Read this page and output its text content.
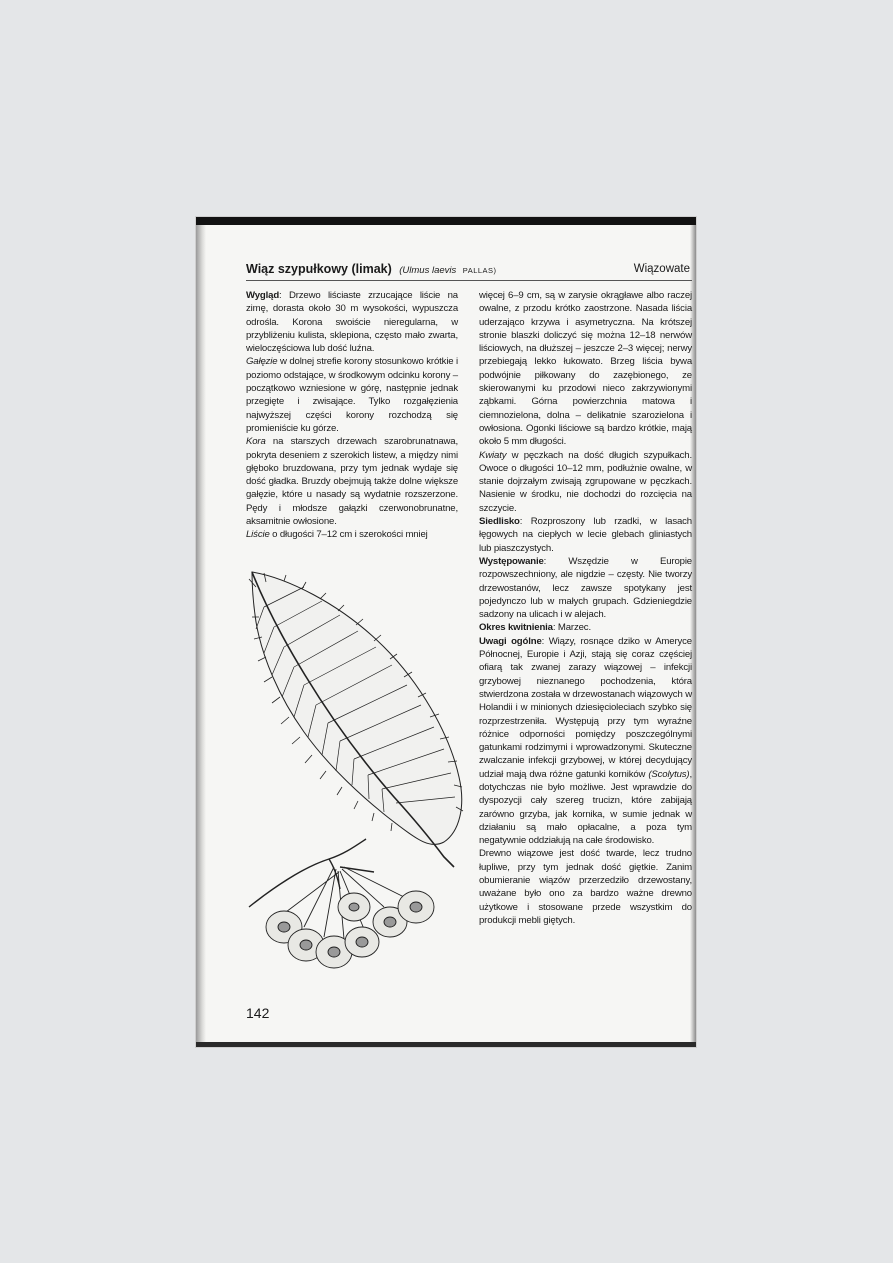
Wiąz szypułkowy (limak) (Ulmus laevis PALLAS)	Wiązowate

Wygląd: Drzewo liściaste zrzucające liście na zimę, dorasta około 30 m wysokości, wypuszcza odrośla. Korona swoiście nieregularna, w przybliżeniu kulista, sklepiona, często mało zwarta, wieloczęściowa lub dość luźna.

Gałęzie w dolnej strefie korony stosunkowo krótkie i poziomo odstające, w środkowym odcinku korony – początkowo wzniesione w górę, następnie jednak przegięte i zwisające. Tylko rozgałęzienia najwyższej części korony rozchodzą się promieniście ku górze.

Kora na starszych drzewach szarobrunatnawa, pokryta deseniem z szerokich listew, a między nimi głęboko bruzdowana, przy tym jednak wydaje się dość gładka. Bruzdy obejmują także dolne większe gałęzie, które u nasady są wydatnie rozszerzone. Pędy i młodsze gałązki czerwonobrunatne, aksamitnie owłosione.

Liście o długości 7–12 cm i szerokości mniej

więcej 6–9 cm, są w zarysie okrągławe albo raczej owalne, z przodu krótko zaostrzone. Nasada liścia uderzająco krzywa i asymetryczna. Na krótszej stronie blaszki doliczyć się można 12–18 nerwów liściowych, na dłuższej – jeszcze 2–3 więcej; nerwy przebiegają lekko łukowato. Brzeg liścia bywa podwójnie piłkowany do zazębionego, ze skierowanymi ku przodowi nieco zakrzywionymi ząbkami. Górna powierzchnia matowa i ciemnozielona, dolna – delikatnie szarozielona i owłosiona. Ogonki liściowe są bardzo krótkie, mają około 5 mm długości.

Kwiaty w pęczkach na dość długich szypułkach. Owoce o długości 10–12 mm, podłużnie owalne, w stanie dojrzałym zwisają zgrupowane w pęczkach. Nasienie w środku, nie dochodzi do rozcięcia na szczycie.

Siedlisko: Rozproszony lub rzadki, w lasach łęgowych na ciepłych w lecie glebach gliniastych lub piaszczystych.

Występowanie: Wszędzie w Europie rozpowszechniony, ale nigdzie – częsty. Nie tworzy drzewostanów, lecz zawsze spotykany jest pojedynczo lub w małych grupach. Gdzieniegdzie sadzony na ulicach i w alejach.

Okres kwitnienia: Marzec.

Uwagi ogólne: Wiązy, rosnące dziko w Ameryce Północnej, Europie i Azji, stają się coraz częściej ofiarą tak zwanej zarazy wiązowej – infekcji grzybowej nieznanego pochodzenia, która stwierdzona została w drzewostanach wiązowych w Holandii i w minionych dziesięcioleciach szybko się rozprzestrzeniła. Występują przy tym wyraźne różnice odporności pomiędzy poszczególnymi gatunkami rodzimymi i wprowadzonymi. Skuteczne zwalczanie infekcji grzybowej, w której decydujący udział mają dwa różne gatunki korników (Scolytus), dotychczas nie było możliwe. Jest wprawdzie do dyspozycji cały szereg trucizn, które zabijają zarówno grzyba, jak kornika, w sumie jednak w działaniu są mało opłacalne, a poza tym negatywnie oddziałują na całe środowisko.

Drewno wiązowe jest dość twarde, lecz trudno łupliwe, przy tym jednak dość giętkie. Zanim obumieranie wiązów przerzedziło drzewostany, uważane było ono za bardzo ważne drewno użytkowe i stosowane przede wszystkim do produkcji mebli giętych.

142
